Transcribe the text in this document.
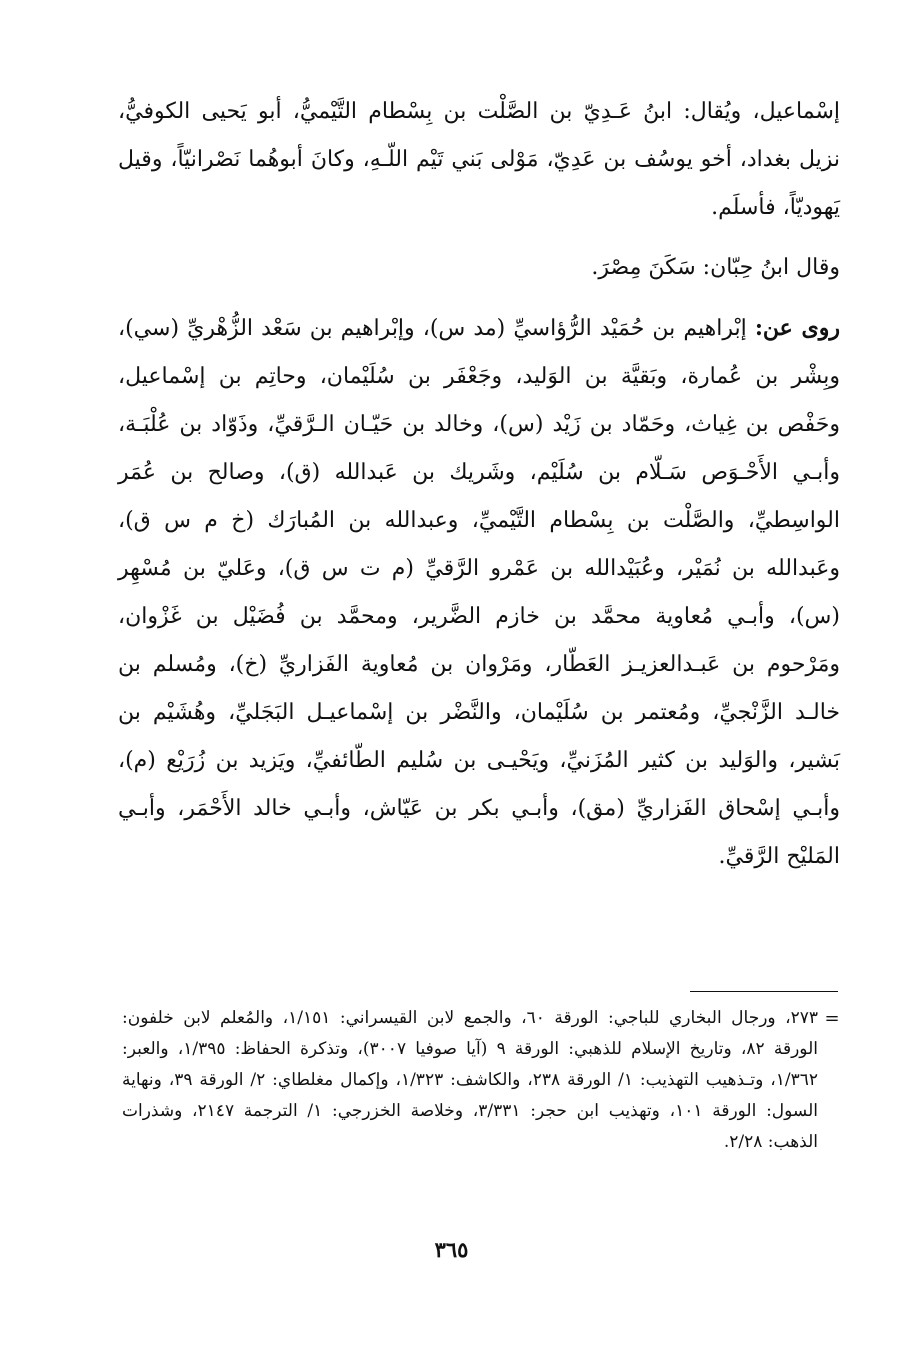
إسْماعيل، ويُقال: ابنُ عَـدِيّ بن الصَّلْت بن بِسْطام التَّيْميُّ، أبو يَحيى الكوفيُّ، نزيل بغداد، أخو يوسُف بن عَدِيّ، مَوْلى بَني تَيْم اللّـهِ، وكانَ أبوهُما نَصْرانيّاً، وقيل يَهوديّاً، فأسلَم.

وقال ابنُ حِبّان: سَكَنَ مِصْرَ.

روى عن: إبْراهيم بن حُمَيْد الرُّؤاسيِّ (مد س)، وإبْراهيم بن سَعْد الزُّهْريِّ (سي)، وبِشْر بن عُمارة، وبَقيَّة بن الوَليد، وجَعْفَر بن سُلَيْمان، وحاتِم بن إسْماعيل، وحَفْص بن غِياث، وحَمّاد بن زَيْد (س)، وخالد بن حَيّـان الـرَّقيِّ، وذَوّاد بن عُلْبَـة، وأبـي الأَحْـوَص سَـلّام بن سُلَيْم، وشَريك بن عَبدالله (ق)، وصالح بن عُمَر الواسِطيِّ، والصَّلْت بن بِسْطام التَّيْميِّ، وعبدالله بن المُبارَك (خ م س ق)، وعَبدالله بن نُمَيْر، وعُبَيْدالله بن عَمْرو الرَّقيِّ (م ت س ق)، وعَليّ بن مُسْهِر (س)، وأبـي مُعاوية محمَّد بن خازم الضَّرير، ومحمَّد بن فُضَيْل بن غَزْوان، ومَرْحوم بن عَبـدالعزيـز العَطّار، ومَرْوان بن مُعاوية الفَزاريِّ (خ)، ومُسلم بن خالـد الزَّنْجيِّ، ومُعتمر بن سُلَيْمان، والنَّضْر بن إسْماعيـل البَجَليِّ، وهُشَيْم بن بَشير، والوَليد بن كثير المُزَنيِّ، ويَحْيـى بن سُليم الطّائفيِّ، ويَزيد بن زُرَيْع (م)، وأبـي إسْحاق الفَزاريِّ (مق)، وأبـي بكر بن عَيّاش، وأبـي خالد الأَحْمَر، وأبـي المَليْح الرَّقيِّ.

=

٢٧٣، ورجال البخاري للباجي: الورقة ٦٠، والجمع لابن القيسراني: ١/١٥١، والمُعلم لابن خلفون: الورقة ٨٢، وتاريخ الإسلام للذهبي: الورقة ٩ (آيا صوفيا ٣٠٠٧)، وتذكرة الحفاظ: ١/٣٩٥، والعبر: ١/٣٦٢، وتـذهيب التهذيب: ١/ الورقة ٢٣٨، والكاشف: ١/٣٢٣، وإكمال مغلطاي: ٢/ الورقة ٣٩، ونهاية السول: الورقة ١٠١، وتهذيب ابن حجر: ٣/٣٣١، وخلاصة الخزرجي: ١/ الترجمة ٢١٤٧، وشذرات الذهب: ٢/٢٨.

٣٦٥
